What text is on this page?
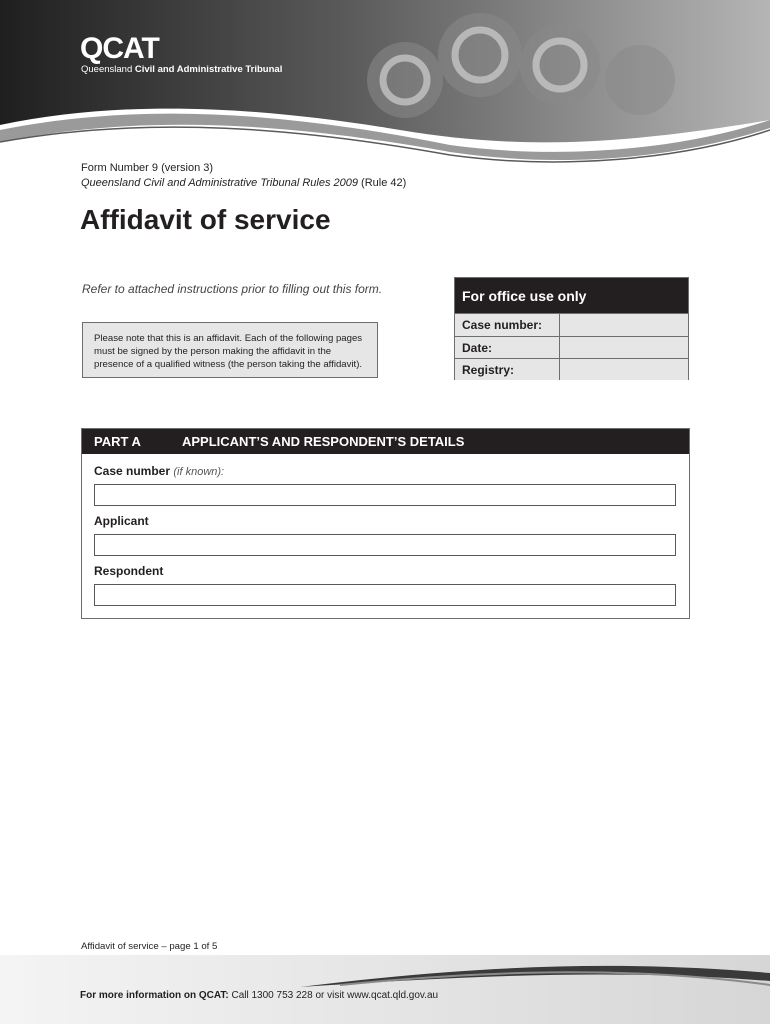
QCAT
Queensland Civil and Administrative Tribunal
Form Number 9 (version 3)
Queensland Civil and Administrative Tribunal Rules 2009 (Rule 42)
Affidavit of service
Refer to attached instructions prior to filling out this form.
Please note that this is an affidavit. Each of the following pages must be signed by the person making the affidavit in the presence of a qualified witness (the person taking the affidavit).
For office use only
Case number:
Date:
Registry:
PART A	APPLICANT’S AND RESPONDENT’S DETAILS
Case number (if known):
Applicant
Respondent
Affidavit of service – page 1 of 5
For more information on QCAT: Call 1300 753 228 or visit www.qcat.qld.gov.au
